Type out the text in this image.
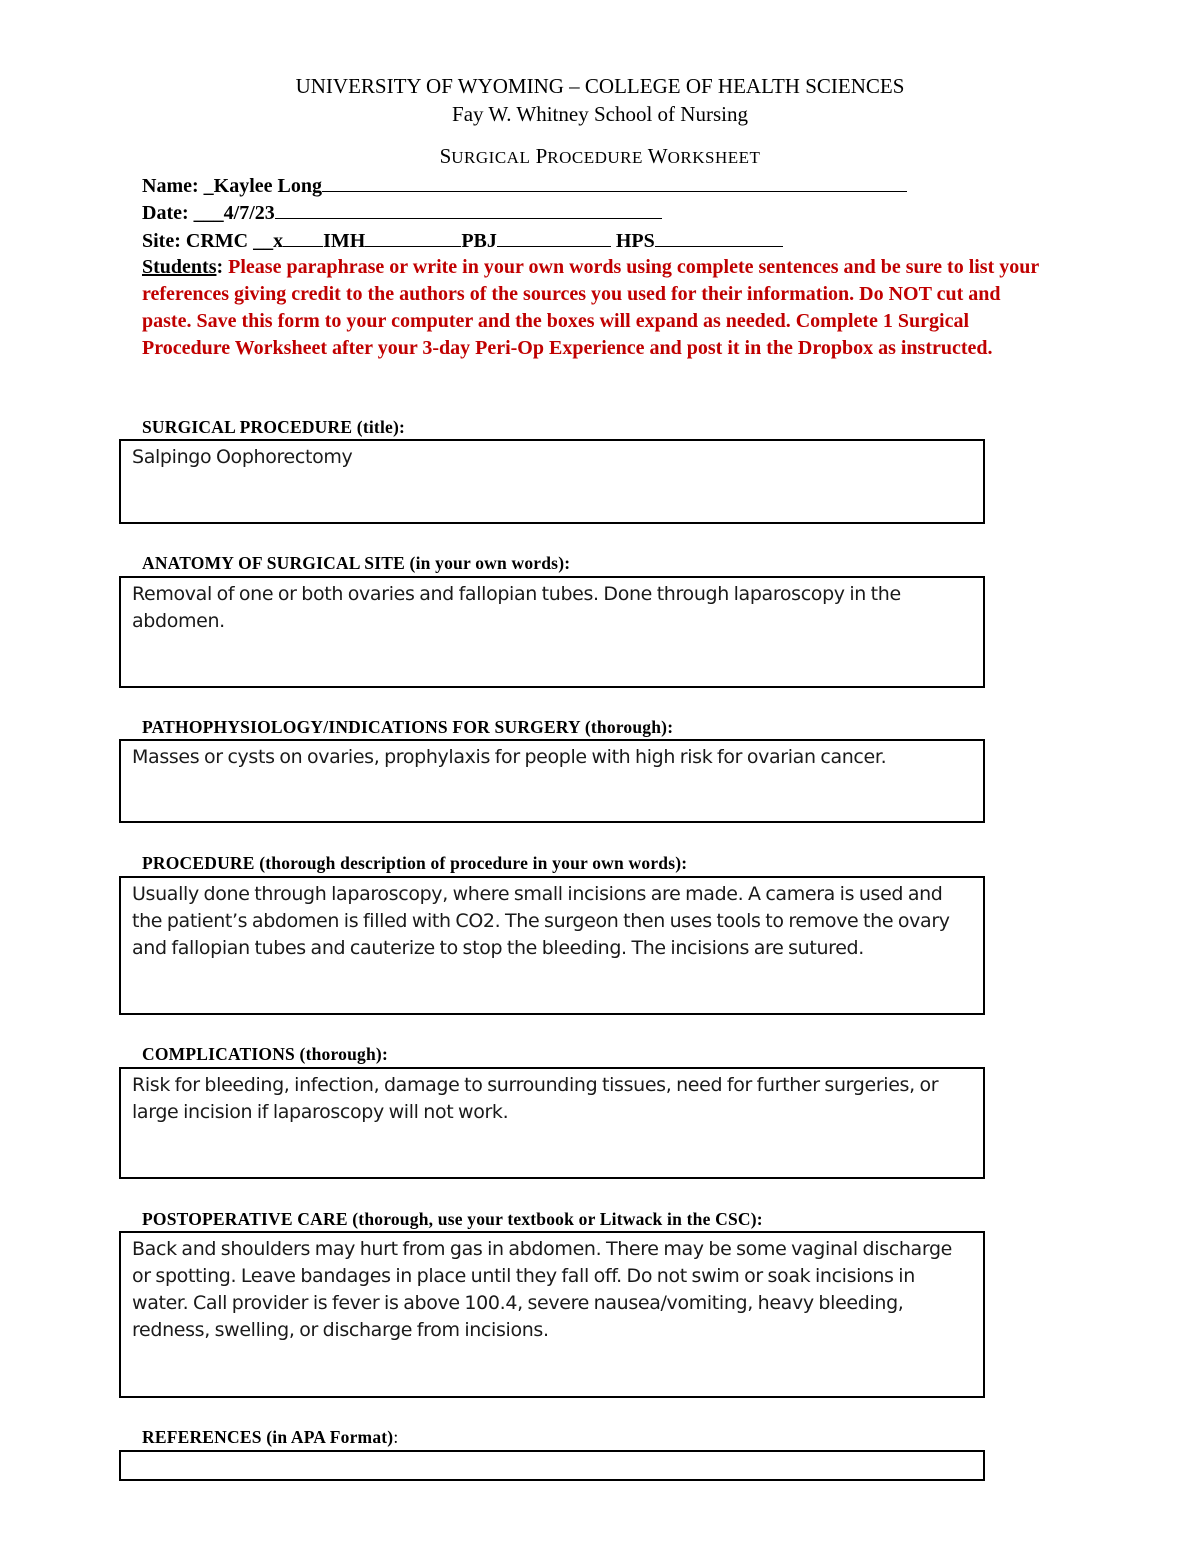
UNIVERSITY OF WYOMING – COLLEGE OF HEALTH SCIENCES
Fay W. Whitney School of Nursing
SURGICAL PROCEDURE WORKSHEET
Name: _Kaylee Long
Date: ___4/7/23
Site: CRMC __x IMH	PBJ	HPS
Students: Please paraphrase or write in your own words using complete sentences and be sure to list your references giving credit to the authors of the sources you used for their information. Do NOT cut and paste. Save this form to your computer and the boxes will expand as needed. Complete 1 Surgical Procedure Worksheet after your 3-day Peri-Op Experience and post it in the Dropbox as instructed.
SURGICAL PROCEDURE (title):
Salpingo Oophorectomy
ANATOMY OF SURGICAL SITE (in your own words):
Removal of one or both ovaries and fallopian tubes. Done through laparoscopy in the abdomen.
PATHOPHYSIOLOGY/INDICATIONS FOR SURGERY (thorough):
Masses or cysts on ovaries, prophylaxis for people with high risk for ovarian cancer.
PROCEDURE (thorough description of procedure in your own words):
Usually done through laparoscopy, where small incisions are made. A camera is used and the patient’s abdomen is filled with CO2. The surgeon then uses tools to remove the ovary and fallopian tubes and cauterize to stop the bleeding. The incisions are sutured.
COMPLICATIONS (thorough):
Risk for bleeding, infection, damage to surrounding tissues, need for further surgeries, or large incision if laparoscopy will not work.
POSTOPERATIVE CARE (thorough, use your textbook or Litwack in the CSC):
Back and shoulders may hurt from gas in abdomen. There may be some vaginal discharge or spotting. Leave bandages in place until they fall off. Do not swim or soak incisions in water. Call provider is fever is above 100.4, severe nausea/vomiting, heavy bleeding, redness, swelling, or discharge from incisions.
REFERENCES (in APA Format):
